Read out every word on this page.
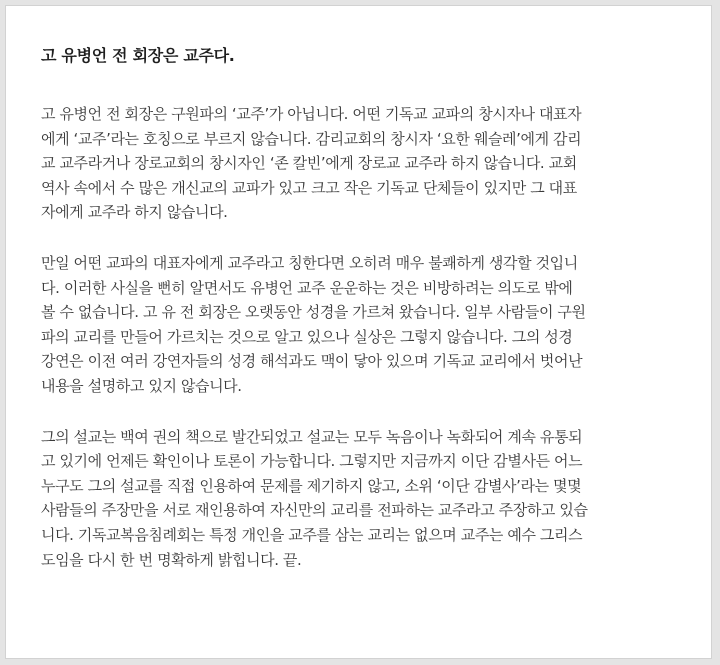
고 유병언 전 회장은 교주다.

고 유병언 전 회장은 구원파의 ‘교주’가 아닙니다. 어떤 기독교 교파의 창시자나 대표자
에게 ‘교주’라는 호칭으로 부르지 않습니다. 감리교회의 창시자 ‘요한 웨슬레’에게 감리
교 교주라거나 장로교회의 창시자인 ‘존 칼빈’에게 장로교 교주라 하지 않습니다. 교회
역사 속에서 수 많은 개신교의 교파가 있고 크고 작은 기독교 단체들이 있지만 그 대표
자에게 교주라 하지 않습니다.

만일 어떤 교파의 대표자에게 교주라고 칭한다면 오히려 매우 불쾌하게 생각할 것입니
다. 이러한 사실을 뻔히 알면서도 유병언 교주 운운하는 것은 비방하려는 의도로 밖에
볼 수 없습니다. 고 유 전 회장은 오랫동안 성경을 가르쳐 왔습니다. 일부 사람들이 구원
파의 교리를 만들어 가르치는 것으로 알고 있으나 실상은 그렇지 않습니다. 그의 성경
강연은 이전 여러 강연자들의 성경 해석과도 맥이 닿아 있으며 기독교 교리에서 벗어난
내용을 설명하고 있지 않습니다.

그의 설교는 백여 권의 책으로 발간되었고 설교는 모두 녹음이나 녹화되어 계속 유통되
고 있기에 언제든 확인이나 토론이 가능합니다. 그렇지만 지금까지 이단 감별사든 어느
누구도 그의 설교를 직접 인용하여 문제를 제기하지 않고, 소위 ‘이단 감별사’라는 몇몇
사람들의 주장만을 서로 재인용하여 자신만의 교리를 전파하는 교주라고 주장하고 있습
니다. 기독교복음침례회는 특정 개인을 교주를 삼는 교리는 없으며 교주는 예수 그리스
도임을 다시 한 번 명확하게 밝힙니다. 끝.
